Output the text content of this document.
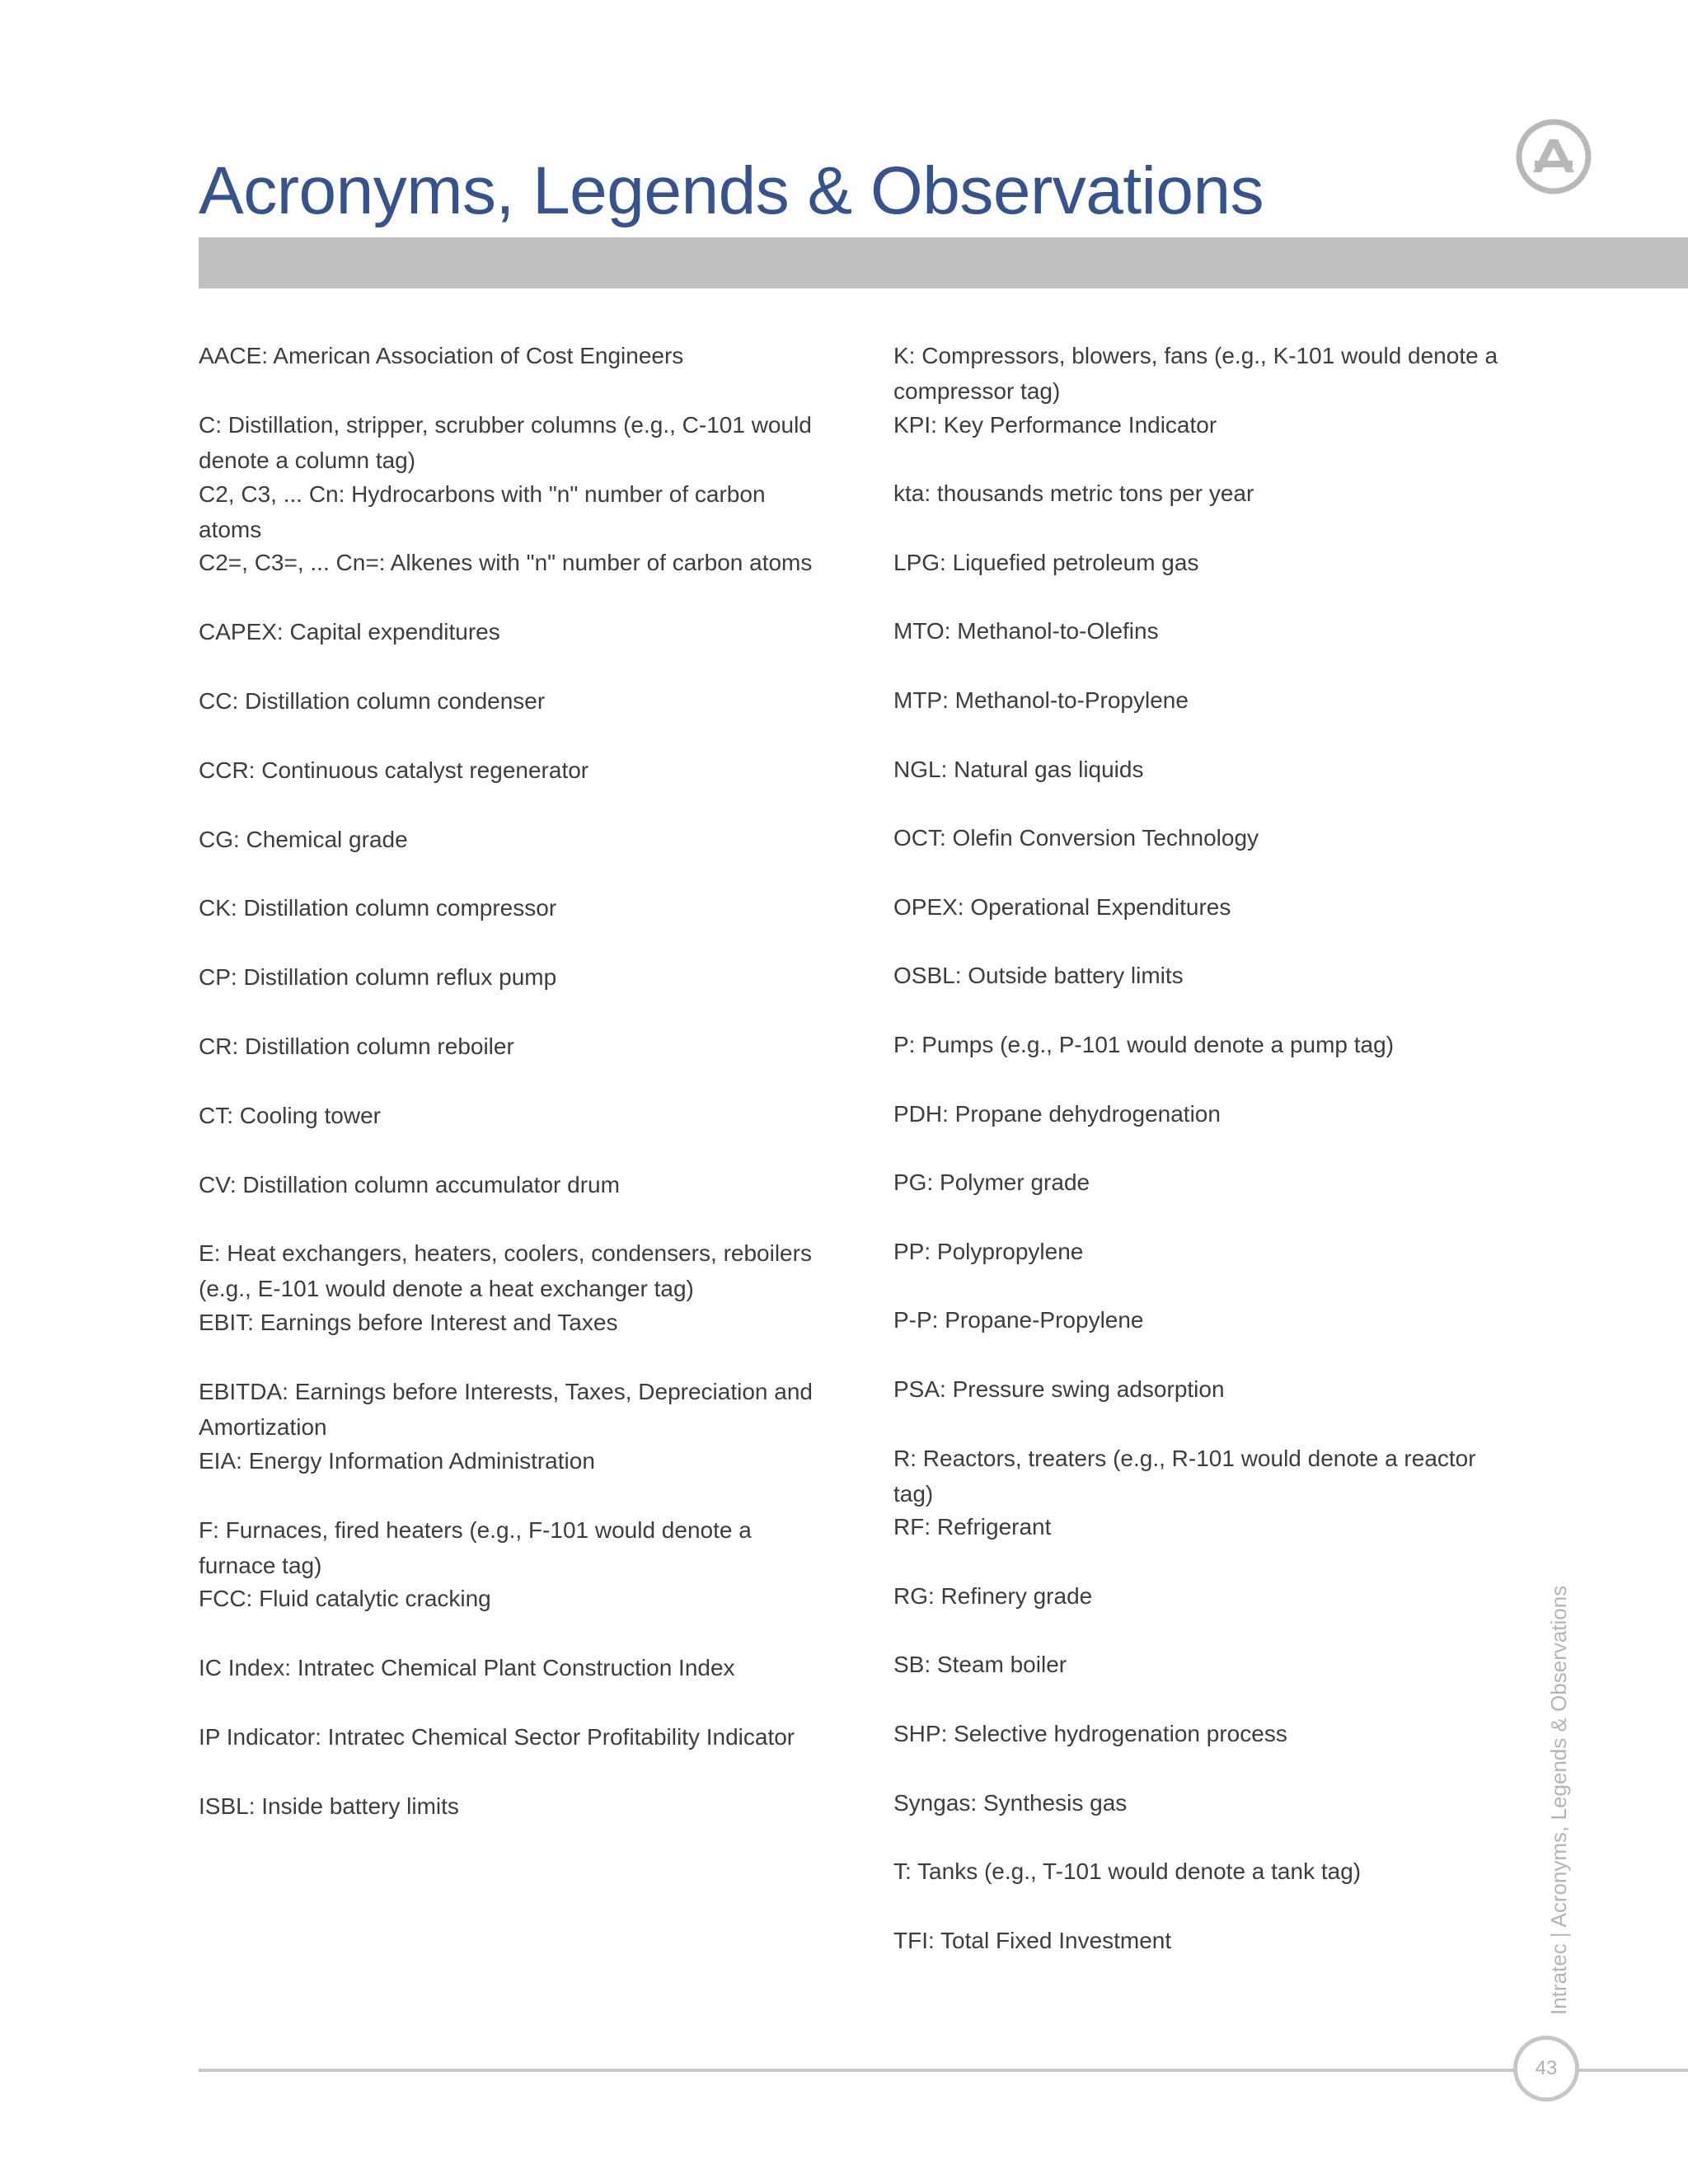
Acronyms, Legends & Observations
AACE: American Association of Cost Engineers
C: Distillation, stripper, scrubber columns (e.g., C-101 would
denote a column tag)
C2, C3, ... Cn: Hydrocarbons with "n" number of carbon
atoms
C2=, C3=, ... Cn=: Alkenes with "n" number of carbon atoms
CAPEX: Capital expenditures
CC: Distillation column condenser
CCR: Continuous catalyst regenerator
CG: Chemical grade
CK: Distillation column compressor
CP: Distillation column reflux pump
CR: Distillation column reboiler
CT: Cooling tower
CV: Distillation column accumulator drum
E: Heat exchangers, heaters, coolers, condensers, reboilers
(e.g., E-101 would denote a heat exchanger tag)
EBIT: Earnings before Interest and Taxes
EBITDA: Earnings before Interests, Taxes, Depreciation and
Amortization
EIA: Energy Information Administration
F: Furnaces, fired heaters (e.g., F-101 would denote a
furnace tag)
FCC: Fluid catalytic cracking
IC Index: Intratec Chemical Plant Construction Index
IP Indicator: Intratec Chemical Sector Profitability Indicator
ISBL: Inside battery limits
K: Compressors, blowers, fans (e.g., K-101 would denote a
compressor tag)
KPI: Key Performance Indicator
kta: thousands metric tons per year
LPG: Liquefied petroleum gas
MTO: Methanol-to-Olefins
MTP: Methanol-to-Propylene
NGL: Natural gas liquids
OCT: Olefin Conversion Technology
OPEX: Operational Expenditures
OSBL: Outside battery limits
P: Pumps (e.g., P-101 would denote a pump tag)
PDH: Propane dehydrogenation
PG: Polymer grade
PP: Polypropylene
P-P: Propane-Propylene
PSA: Pressure swing adsorption
R: Reactors, treaters (e.g., R-101 would denote a reactor tag)
RF: Refrigerant
RG: Refinery grade
SB: Steam boiler
SHP: Selective hydrogenation process
Syngas: Synthesis gas
T: Tanks (e.g., T-101 would denote a tank tag)
TFI: Total Fixed Investment	Intratec | Acronyms, Legends & Observations
43
